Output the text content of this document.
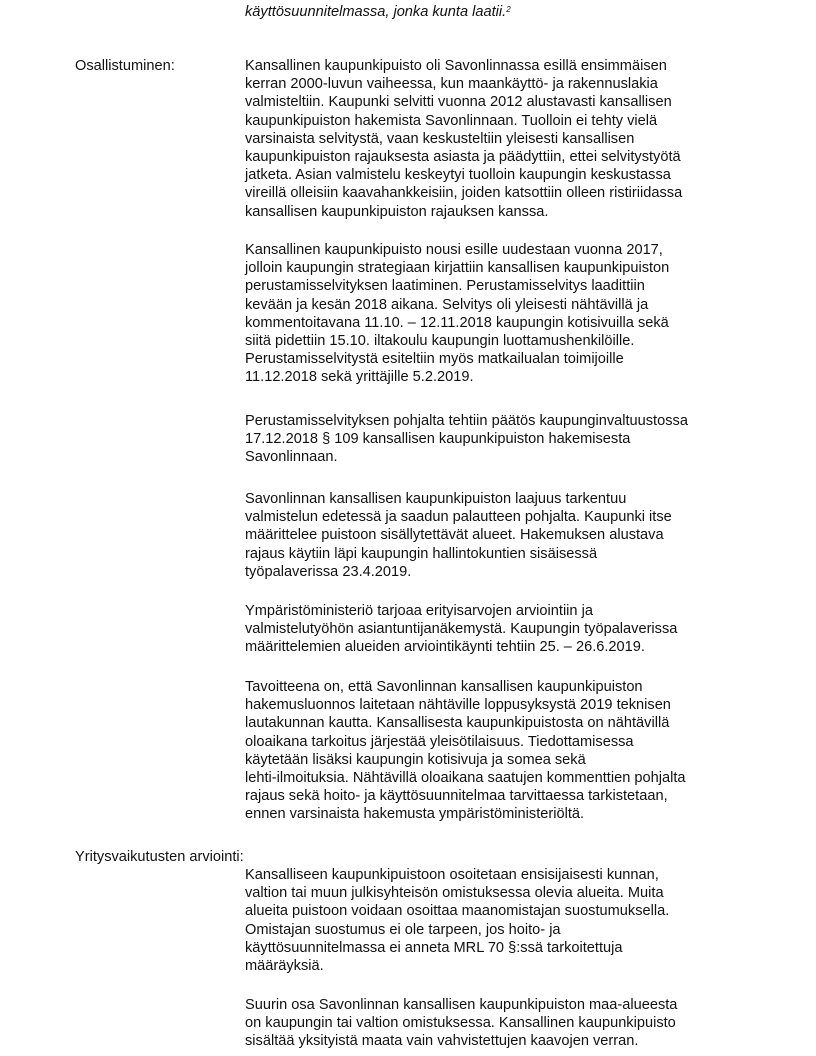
käyttösuunnitelmassa, jonka kunta laatii.$^2$
Osallistuminen:	Kansallinen kaupunkipuisto oli Savonlinnassa esillä ensimmäisen
kerran 2000-luvun vaiheessa, kun maankäyttö- ja rakennuslakia
valmisteltiin. Kaupunki selvitti vuonna 2012 alustavasti kansallisen
kaupunkipuiston hakemista Savonlinnaan. Tuolloin ei tehty vielä
varsinaista selvitystä, vaan keskusteltiin yleisesti kansallisen
kaupunkipuiston rajauksesta asiasta ja päädyttiin, ettei selvitystyötä
jatketa. Asian valmistelu keskeytyi tuolloin kaupungin keskustassa
vireillä olleisiin kaavahankkeisiin, joiden katsottiin olleen ristiriidassa
kansallisen kaupunkipuiston rajauksen kanssa.
Kansallinen kaupunkipuisto nousi esille uudestaan vuonna 2017,
jolloin kaupungin strategiaan kirjattiin kansallisen kaupunkipuiston
perustamisselvityksen laatiminen. Perustamisselvitys laadittiin
kevään ja kesän 2018 aikana. Selvitys oli yleisesti nähtävillä ja
kommentoitavana 11.10. – 12.11.2018 kaupungin kotisivuilla sekä
siitä pidettiin 15.10. iltakoulu kaupungin luottamushenkilöille.
Perustamisselvitystä esiteltiin myös matkailualan toimijoille
11.12.2018 sekä yrittäjille 5.2.2019.
Perustamisselvityksen pohjalta tehtiin päätös kaupunginvaltuustossa
17.12.2018 § 109 kansallisen kaupunkipuiston hakemisesta
Savonlinnaan.
Savonlinnan kansallisen kaupunkipuiston laajuus tarkentuu
valmistelun edetessä ja saadun palautteen pohjalta. Kaupunki itse
määrittelee puistoon sisällytettävät alueet. Hakemuksen alustava
rajaus käytiin läpi kaupungin hallintokuntien sisäisessä
työpalaverissa 23.4.2019.
Ympäristöministeriö tarjoaa erityisarvojen arviointiin ja
valmistelutyöhön asiantuntijanäkemystä. Kaupungin työpalaverissa
määrittelemien alueiden arviointikäynti tehtiin 25. – 26.6.2019.
Tavoitteena on, että Savonlinnan kansallisen kaupunkipuiston
hakemusluonnos laitetaan nähtäville loppusyksystä 2019 teknisen
lautakunnan kautta. Kansallisesta kaupunkipuistosta on nähtävillä
oloaikana tarkoitus järjestää yleisötilaisuus. Tiedottamisessa
käytetään lisäksi kaupungin kotisivuja ja somea sekä
lehti-ilmoituksia. Nähtävillä oloaikana saatujen kommenttien pohjalta
rajaus sekä hoito- ja käyttösuunnitelmaa tarvittaessa tarkistetaan,
ennen varsinaista hakemusta ympäristöministeriöltä.
Yritysvaikutusten arviointi:
Kansalliseen kaupunkipuistoon osoitetaan ensisijaisesti kunnan,
valtion tai muun julkisyhteisön omistuksessa olevia alueita. Muita
alueita puistoon voidaan osoittaa maanomistajan suostumuksella.
Omistajan suostumus ei ole tarpeen, jos hoito- ja
käyttösuunnitelmassa ei anneta MRL 70 §:ssä tarkoitettuja
määräyksiä.
Suurin osa Savonlinnan kansallisen kaupunkipuiston maa-alueesta
on kaupungin tai valtion omistuksessa. Kansallinen kaupunkipuisto
sisältää yksityistä maata vain vahvistettujen kaavojen verran.
